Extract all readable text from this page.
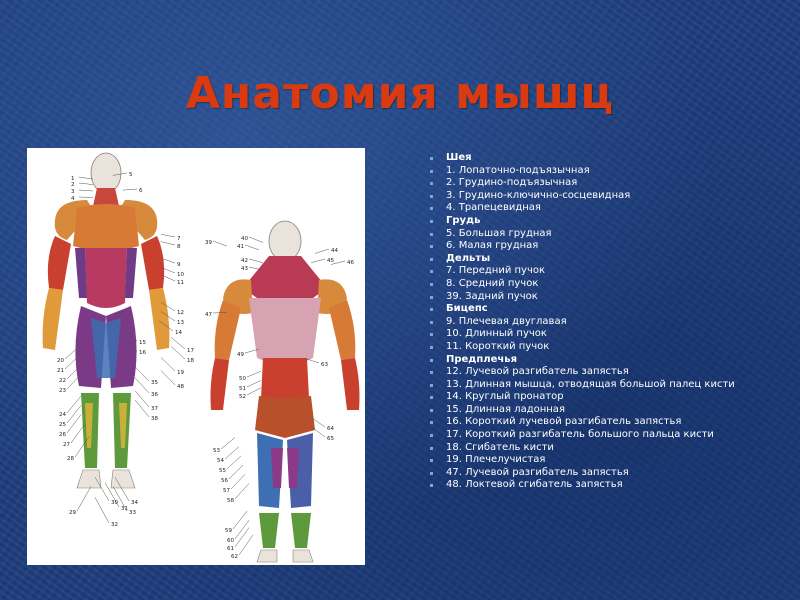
Анатомия мышц
1
2
3
4
5
6
7
8
9
10
11
12
13
14
15
16	17
18
19
20
21
22
23
24
25
26
27
28
29
30
31
32
33
34
35
36
37
38
48
39
40
41
42
43
44
45 46
47
49
50
51
52
53
54
55
56
57
58
59
60
61
62
63
64
65
Шея
1. Лопаточно-подъязычная
2. Грудино-подъязычная
3. Грудино-ключично-сосцевидная
4. Трапецевидная
Грудь
5. Большая грудная
6. Малая грудная
Дельты
7. Передний пучок
8. Средний пучок
39. Задний пучок
Бицепс
9. Плечевая двуглавая
10. Длинный пучок
11. Короткий пучок
Предплечья
12. Лучевой разгибатель запястья
13. Длинная мышца, отводящая большой палец кисти
14. Круглый пронатор
15. Длинная ладонная
16. Короткий лучевой разгибатель запястья
17. Короткий разгибатель большого пальца кисти
18. Сгибатель кисти
19. Плечелучистая
47. Лучевой разгибатель запястья
48. Локтевой сгибатель запястья
